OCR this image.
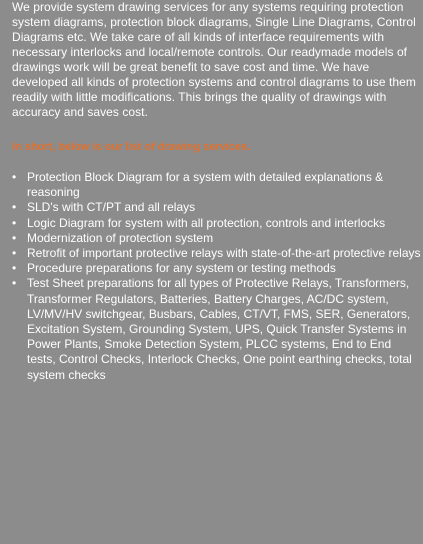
We provide system drawing services for any systems requiring protection system diagrams, protection block diagrams, Single Line Diagrams, Control Diagrams etc. We take care of all kinds of interface requirements with necessary interlocks and local/remote controls. Our readymade models of drawings work will be great benefit to save cost and time. We have developed all kinds of protection systems and control diagrams to use them readily with little modifications. This brings the quality of drawings with accuracy and saves cost.

In short, below is our list of drawing services.

• Protection Block Diagram for a system with detailed explanations & reasoning
• SLD's with CT/PT and all relays
• Logic Diagram for system with all protection, controls and interlocks
• Modernization of protection system
• Retrofit of important protective relays with state-of-the-art protective relays
• Procedure preparations for any system or testing methods
• Test Sheet preparations for all types of Protective Relays, Transformers, Transformer Regulators, Batteries, Battery Charges, AC/DC system, LV/MV/HV switchgear, Busbars, Cables, CT/VT, FMS, SER, Generators, Excitation System, Grounding System, UPS, Quick Transfer Systems in Power Plants, Smoke Detection System, PLCC systems, End to End tests, Control Checks, Interlock Checks, One point earthing checks, total system checks
